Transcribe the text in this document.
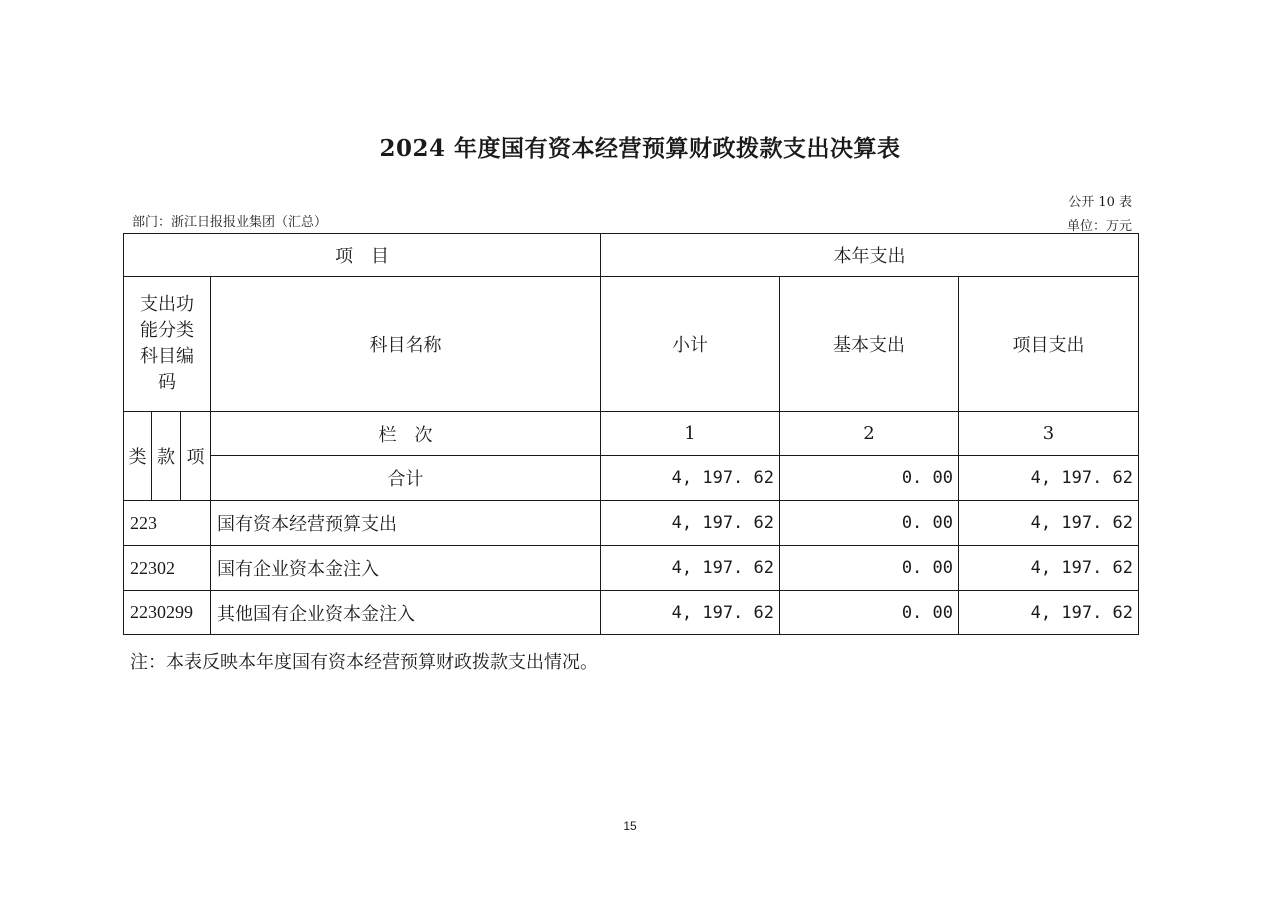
2024 年度国有资本经营预算财政拨款支出决算表
公开 10 表
部门：浙江日报报业集团（汇总）	单位：万元
项　目				本年支出		

支出功
能分类
科目编
码			科目名称	小计	基本支出	项目支出
类	款	项	栏　次	1	2	3
			合计	4, 197. 62	0. 00	4, 197. 62
223			国有资本经营预算支出	4, 197. 62	0. 00	4, 197. 62
22302			国有企业资本金注入	4, 197. 62	0. 00	4, 197. 62
2230299			其他国有企业资本金注入	4, 197. 62	0. 00	4, 197. 62
注：本表反映本年度国有资本经营预算财政拨款支出情况。
15
